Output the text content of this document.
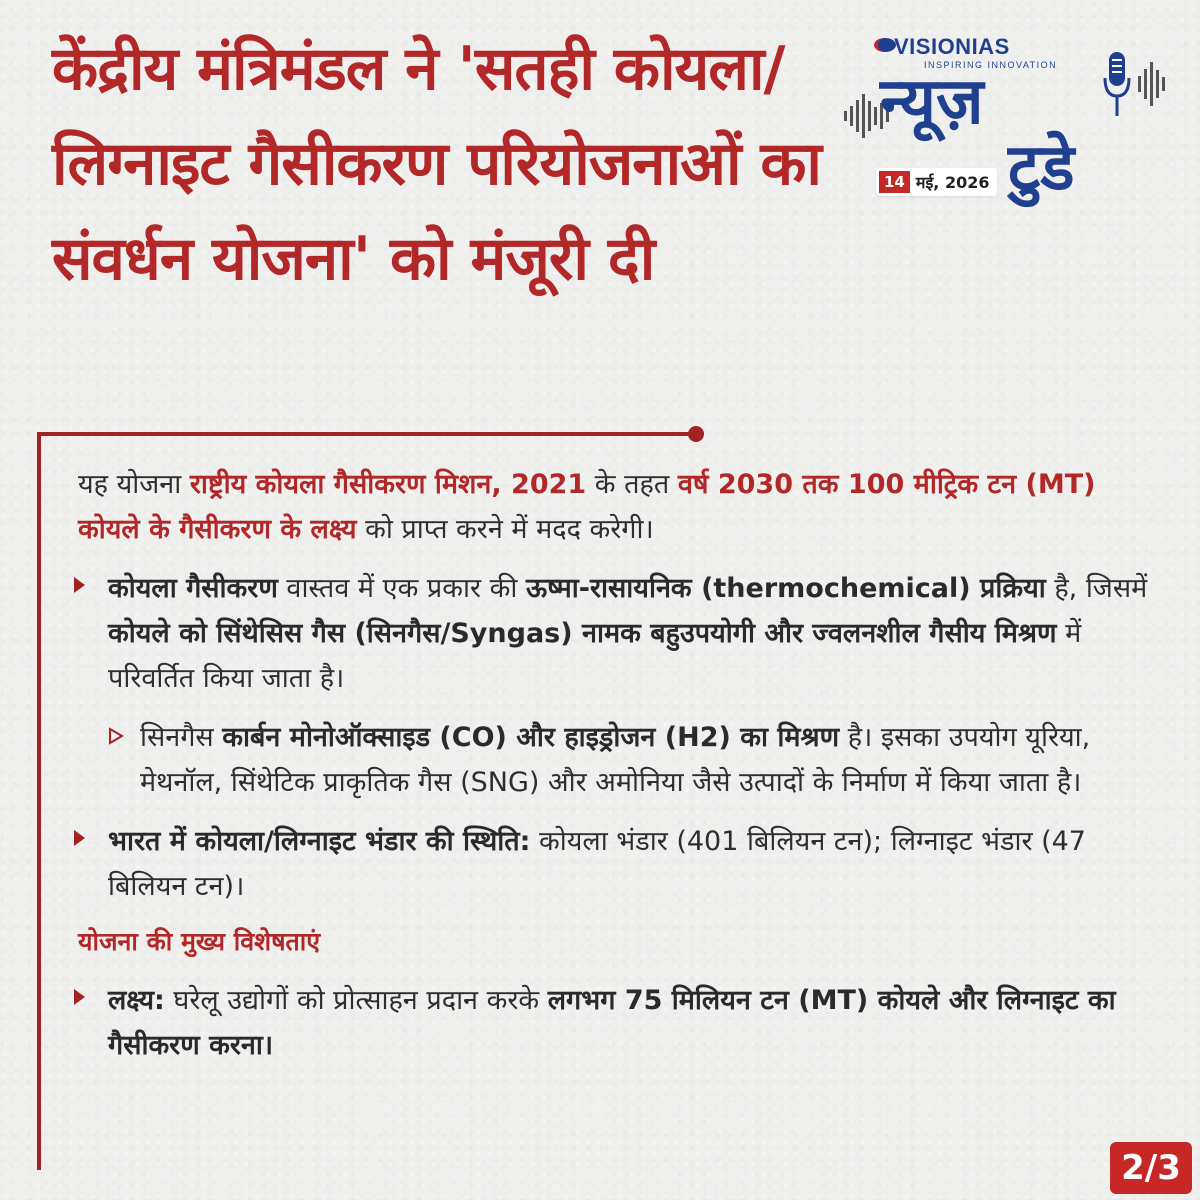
केंद्रीय मंत्रिमंडल ने 'सतही कोयला/लिग्नाइट गैसीकरण परियोजनाओं का संवर्धन योजना' को मंजूरी दी
VISIONIAS
INSPIRING INNOVATION
न्यूज़
टुडे
14 मई, 2026

यह योजना राष्ट्रीय कोयला गैसीकरण मिशन, 2021 के तहत वर्ष 2030 तक 100 मीट्रिक टन (MT) कोयले के गैसीकरण के लक्ष्य को प्राप्त करने में मदद करेगी।

कोयला गैसीकरण वास्तव में एक प्रकार की ऊष्मा-रासायनिक (thermochemical) प्रक्रिया है, जिसमें कोयले को सिंथेसिस गैस (सिनगैस/Syngas) नामक बहुउपयोगी और ज्वलनशील गैसीय मिश्रण में परिवर्तित किया जाता है।

सिनगैस कार्बन मोनोऑक्साइड (CO) और हाइड्रोजन (H2) का मिश्रण है। इसका उपयोग यूरिया, मेथनॉल, सिंथेटिक प्राकृतिक गैस (SNG) और अमोनिया जैसे उत्पादों के निर्माण में किया जाता है।

भारत में कोयला/लिग्नाइट भंडार की स्थिति: कोयला भंडार (401 बिलियन टन); लिग्नाइट भंडार (47 बिलियन टन)।

योजना की मुख्य विशेषताएं

लक्ष्य: घरेलू उद्योगों को प्रोत्साहन प्रदान करके लगभग 75 मिलियन टन (MT) कोयले और लिग्नाइट का गैसीकरण करना।

2/3
